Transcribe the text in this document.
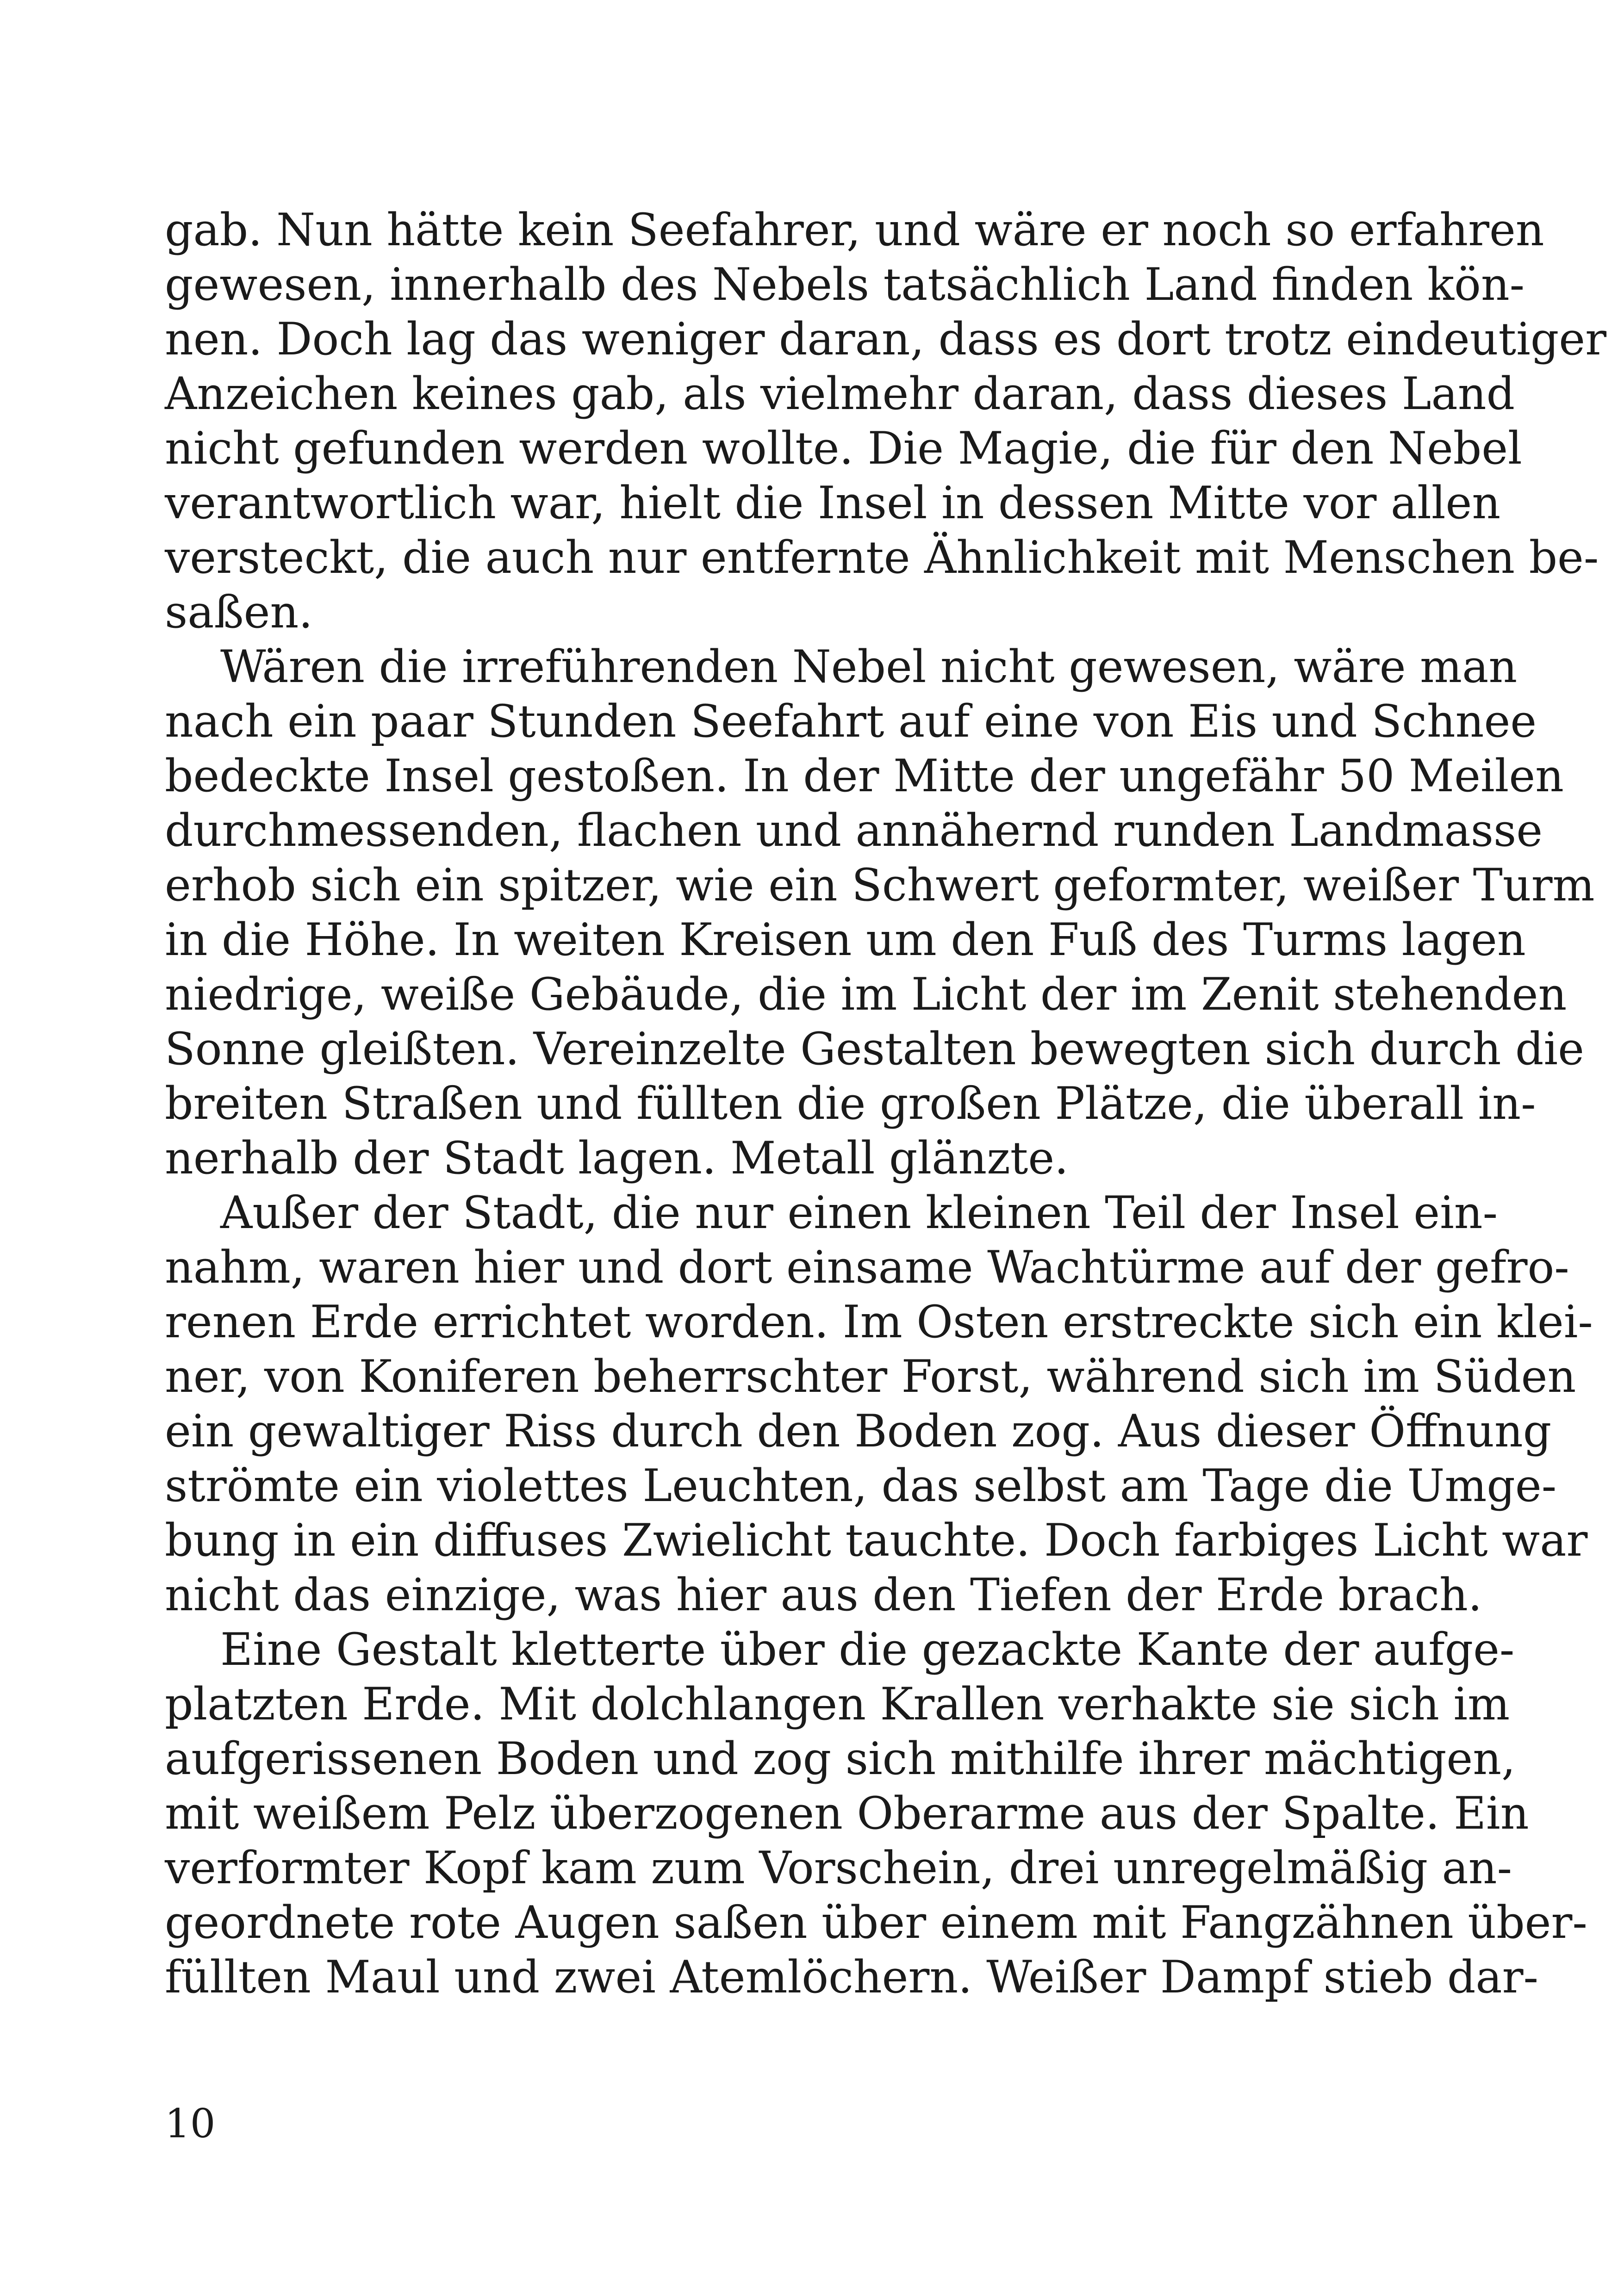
gab. Nun hätte kein Seefahrer, und wäre er noch so erfahren
gewesen, innerhalb des Nebels tatsächlich Land finden kön-
nen. Doch lag das weniger daran, dass es dort trotz eindeutiger
Anzeichen keines gab, als vielmehr daran, dass dieses Land
nicht gefunden werden wollte. Die Magie, die für den Nebel
verantwortlich war, hielt die Insel in dessen Mitte vor allen
versteckt, die auch nur entfernte Ähnlichkeit mit Menschen be-
saßen.
Wären die irreführenden Nebel nicht gewesen, wäre man
nach ein paar Stunden Seefahrt auf eine von Eis und Schnee
bedeckte Insel gestoßen. In der Mitte der ungefähr 50 Meilen
durchmessenden, flachen und annähernd runden Landmasse
erhob sich ein spitzer, wie ein Schwert geformter, weißer Turm
in die Höhe. In weiten Kreisen um den Fuß des Turms lagen
niedrige, weiße Gebäude, die im Licht der im Zenit stehenden
Sonne gleißten. Vereinzelte Gestalten bewegten sich durch die
breiten Straßen und füllten die großen Plätze, die überall in-
nerhalb der Stadt lagen. Metall glänzte.
Außer der Stadt, die nur einen kleinen Teil der Insel ein-
nahm, waren hier und dort einsame Wachtürme auf der gefro-
renen Erde errichtet worden. Im Osten erstreckte sich ein klei-
ner, von Koniferen beherrschter Forst, während sich im Süden
ein gewaltiger Riss durch den Boden zog. Aus dieser Öffnung
strömte ein violettes Leuchten, das selbst am Tage die Umge-
bung in ein diffuses Zwielicht tauchte. Doch farbiges Licht war
nicht das einzige, was hier aus den Tiefen der Erde brach.
Eine Gestalt kletterte über die gezackte Kante der aufge-
platzten Erde. Mit dolchlangen Krallen verhakte sie sich im
aufgerissenen Boden und zog sich mithilfe ihrer mächtigen,
mit weißem Pelz überzogenen Oberarme aus der Spalte. Ein
verformter Kopf kam zum Vorschein, drei unregelmäßig an-
geordnete rote Augen saßen über einem mit Fangzähnen über-
füllten Maul und zwei Atemlöchern. Weißer Dampf stieb dar-
10
